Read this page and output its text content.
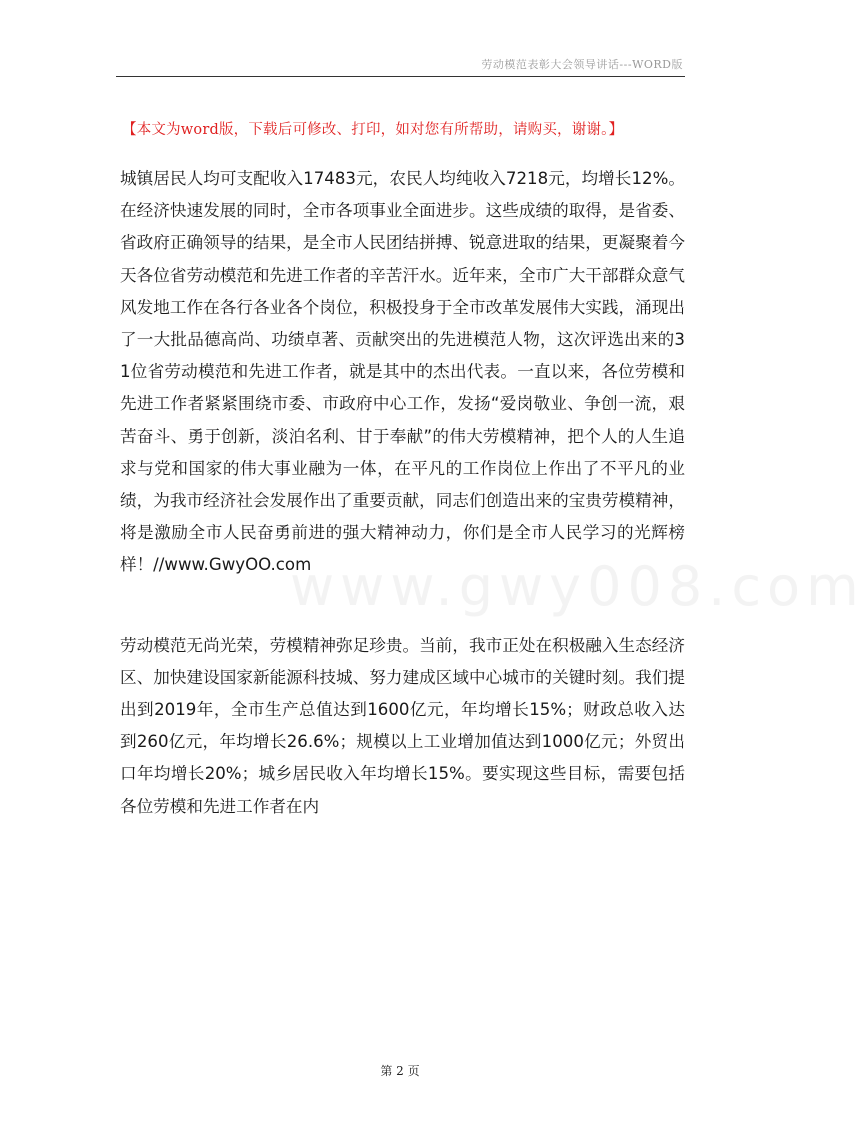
劳动模范表彰大会领导讲话---WORD版
【本文为word版，下载后可修改、打印，如对您有所帮助，请购买，谢谢。】

城镇居民人均可支配收入17483元，农民人均纯收入7218元，均增长12%。在经济快速发展的同时，全市各项事业全面进步。这些成绩的取得，是省委、省政府正确领导的结果，是全市人民团结拼搏、锐意进取的结果，更凝聚着今天各位省劳动模范和先进工作者的辛苦汗水。近年来，全市广大干部群众意气风发地工作在各行各业各个岗位，积极投身于全市改革发展伟大实践，涌现出了一大批品德高尚、功绩卓著、贡献突出的先进模范人物，这次评选出来的31位省劳动模范和先进工作者，就是其中的杰出代表。一直以来，各位劳模和先进工作者紧紧围绕市委、市政府中心工作，发扬“爱岗敬业、争创一流，艰苦奋斗、勇于创新，淡泊名利、甘于奉献”的伟大劳模精神，把个人的人生追求与党和国家的伟大事业融为一体，在平凡的工作岗位上作出了不平凡的业绩，为我市经济社会发展作出了重要贡献，同志们创造出来的宝贵劳模精神，将是激励全市人民奋勇前进的强大精神动力，你们是全市人民学习的光辉榜样！//www.GwyOO.com

劳动模范无尚光荣，劳模精神弥足珍贵。当前，我市正处在积极融入生态经济区、加快建设国家新能源科技城、努力建成区域中心城市的关键时刻。我们提出到2019年，全市生产总值达到1600亿元，年均增长15%；财政总收入达到260亿元，年均增长26.6%；规模以上工业增加值达到1000亿元；外贸出口年均增长20%；城乡居民收入年均增长15%。要实现这些目标，需要包括各位劳模和先进工作者在内

www.gwy008.com
第 2 页
